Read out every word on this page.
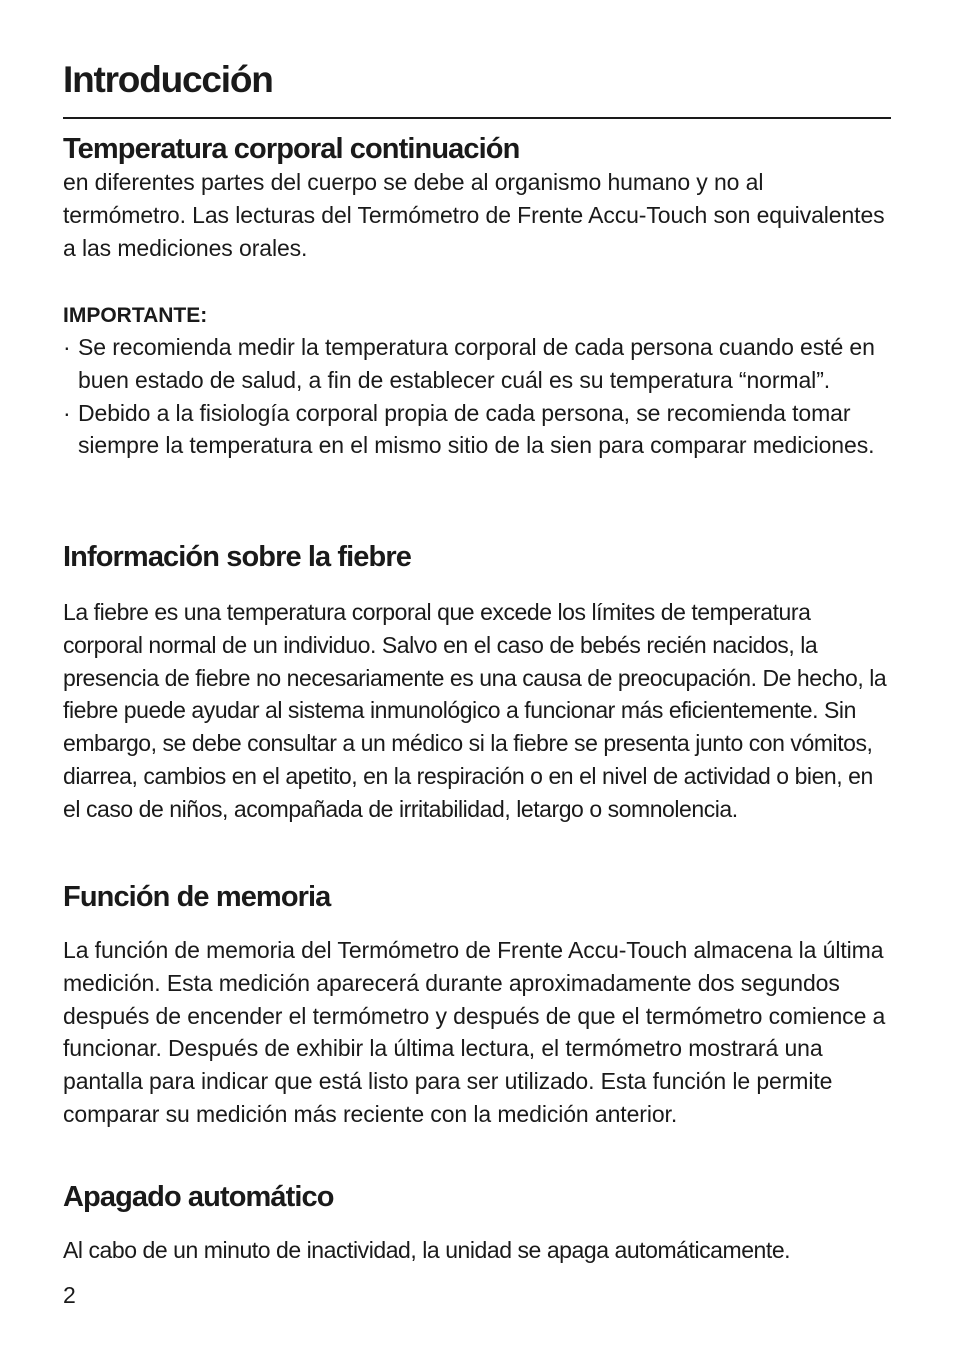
Introducción
Temperatura corporal continuación

en diferentes partes del cuerpo se debe al organismo humano y no al termómetro. Las lecturas del Termómetro de Frente Accu-Touch son equivalentes a las mediciones orales.

IMPORTANTE:

· Se recomienda medir la temperatura corporal de cada persona cuando esté en buen estado de salud, a fin de establecer cuál es su temperatura “normal”.
· Debido a la fisiología corporal propia de cada persona, se recomienda tomar siempre la temperatura en el mismo sitio de la sien para comparar mediciones.
Información sobre la fiebre

La fiebre es una temperatura corporal que excede los límites de temperatura corporal normal de un individuo. Salvo en el caso de bebés recién nacidos, la presencia de fiebre no necesariamente es una causa de preocupación. De hecho, la fiebre puede ayudar al sistema inmunológico a funcionar más eficientemente. Sin embargo, se debe consultar a un médico si la fiebre se presenta junto con vómitos, diarrea, cambios en el apetito, en la respiración o en el nivel de actividad o bien, en el caso de niños, acompañada de irritabilidad, letargo o somnolencia.

Función de memoria

La función de memoria del Termómetro de Frente Accu-Touch almacena la última medición. Esta medición aparecerá durante aproximadamente dos segundos después de encender el termómetro y después de que el termómetro comience a funcionar. Después de exhibir la última lectura, el termómetro mostrará una pantalla para indicar que está listo para ser utilizado. Esta función le permite comparar su medición más reciente con la medición anterior.

Apagado automático

Al cabo de un minuto de inactividad, la unidad se apaga automáticamente.

2
